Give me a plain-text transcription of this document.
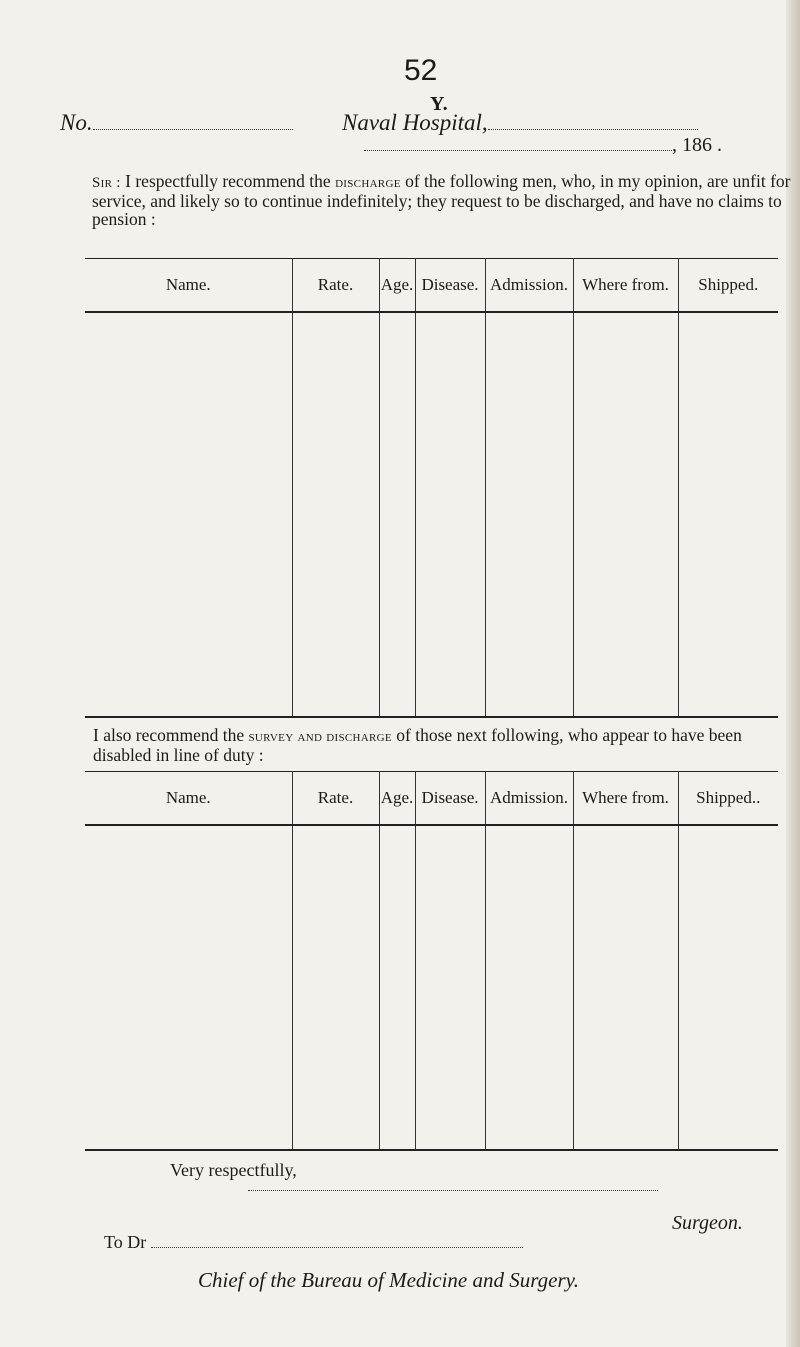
52
Y.
No.	Naval Hospital,
, 186 .
Sir : I respectfully recommend the discharge of the following men, who, in my opinion, are unfit for service, and likely so to continue indefinitely; they request to be discharged, and have no claims to pension :
Name.	Rate.	Age.	Disease.	Admission.	Where from.	Shipped.

I also recommend the survey and discharge of those next following, who appear to have been disabled in line of duty :
Name.	Rate.	Age.	Disease.	Admission.	Where from.	Shipped..

Very respectfully,
Surgeon.
To Dr
Chief of the Bureau of Medicine and Surgery.
